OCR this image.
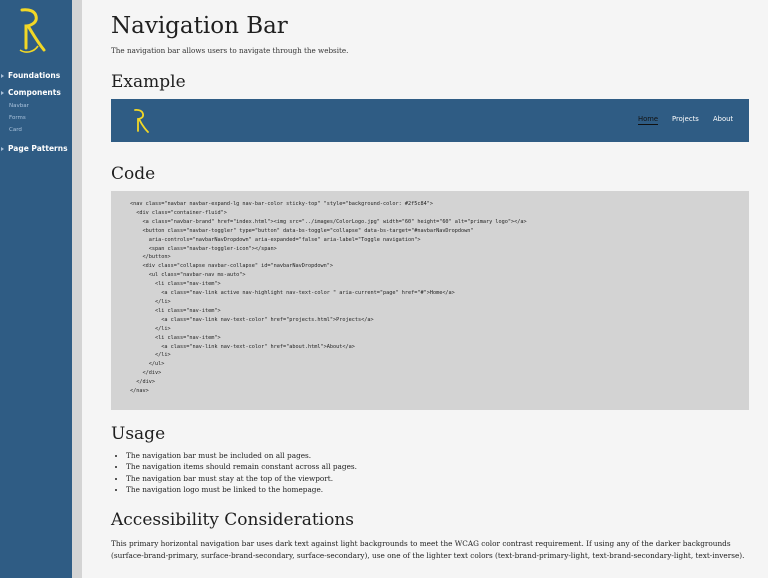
Foundations
Components
Navbar
Forms
Card
Page Patterns
Navigation Bar
The navigation bar allows users to navigate through the website.
Example
Home Projects About
Code
<nav class="navbar navbar-expand-lg nav-bar-color sticky-top" "style="background-color: #2f5c84">
<div class="container-fluid">
<a class="navbar-brand" href="index.html"><img src="../images/ColorLogo.jpg" width="60" height="60" alt="primary logo"></a>
<button class="navbar-toggler" type="button" data-bs-toggle="collapse" data-bs-target="#navbarNavDropdown"
aria-controls="navbarNavDropdown" aria-expanded="false" aria-label="Toggle navigation">
<span class="navbar-toggler-icon"></span>
</button>
<div class="collapse navbar-collapse" id="navbarNavDropdown">
<ul class="navbar-nav ms-auto">
<li class="nav-item">
<a class="nav-link active nav-highlight nav-text-color " aria-current="page" href="#">Home</a>
</li>
<li class="nav-item">
<a class="nav-link nav-text-color" href="projects.html">Projects</a>
</li>
<li class="nav-item">
<a class="nav-link nav-text-color" href="about.html">About</a>
</li>
</ul>
</div>
</div>
</nav>
Usage
• The navigation bar must be included on all pages.
• The navigation items should remain constant across all pages.
• The navigation bar must stay at the top of the viewport.
• The navigation logo must be linked to the homepage.
Accessibility Considerations
This primary horizontal navigation bar uses dark text against light backgrounds to meet the WCAG color contrast requirement. If using any of the darker backgrounds (surface-brand-primary, surface-brand-secondary, surface-secondary), use one of the lighter text colors (text-brand-primary-light, text-brand-secondary-light, text-inverse).
